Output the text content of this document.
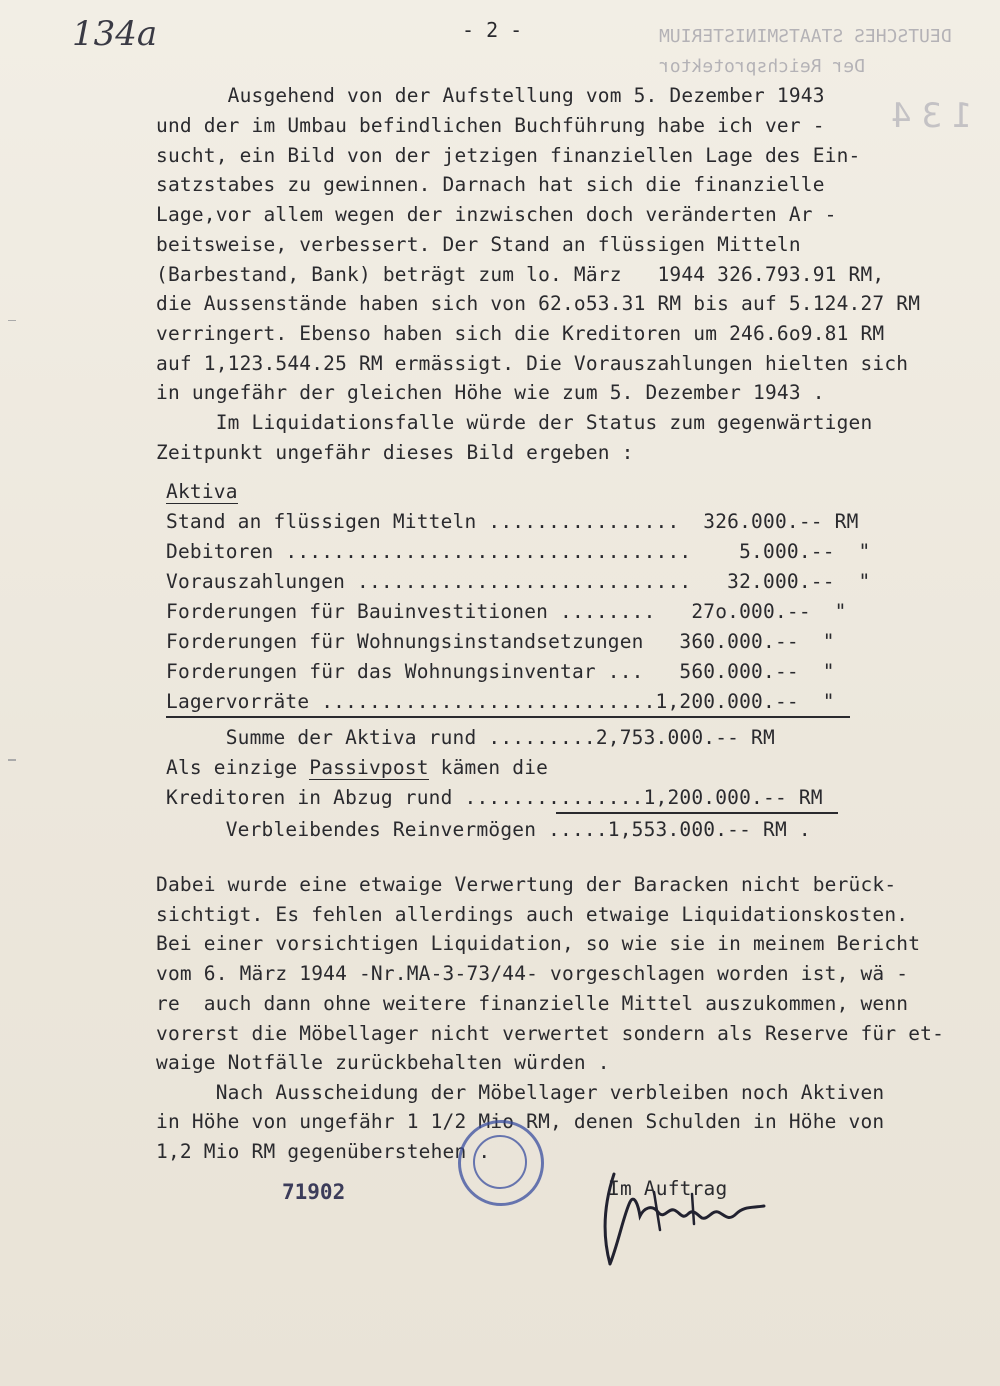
134a	- 2 -	DEUTSCHES STAATSMINISTERIUM
Der Reichsprotektor
134
Ausgehend von der Aufstellung vom 5. Dezember 1943
und der im Umbau befindlichen Buchführung habe ich ver -
sucht, ein Bild von der jetzigen finanziellen Lage des Ein-
satzstabes zu gewinnen. Darnach hat sich die finanzielle
Lage,vor allem wegen der inzwischen doch veränderten Ar -
beitsweise, verbessert. Der Stand an flüssigen Mitteln
(Barbestand, Bank) beträgt zum lo. März   1944 326.793.91 RM,
die Aussenstände haben sich von 62.o53.31 RM bis auf 5.124.27 RM
verringert. Ebenso haben sich die Kreditoren um 246.6o9.81 RM
auf 1,123.544.25 RM ermässigt. Die Vorauszahlungen hielten sich
in ungefähr der gleichen Höhe wie zum 5. Dezember 1943 .
Im Liquidationsfalle würde der Status zum gegenwärtigen
Zeitpunkt ungefähr dieses Bild ergeben :
Aktiva
Stand an flüssigen Mitteln ................  326.000.-- RM
Debitoren ..................................    5.000.--  "
Vorauszahlungen ............................   32.000.--  "
Forderungen für Bauinvestitionen ........   27o.000.--  "
Forderungen für Wohnungsinstandsetzungen   360.000.--  "
Forderungen für das Wohnungsinventar ...   560.000.--  "
Lagervorräte ............................1,200.000.--  "
Summe der Aktiva rund .........2,753.000.-- RM
Als einzige Passivpost kämen die
Kreditoren in Abzug rund ...............1,200.000.-- RM
Verbleibendes Reinvermögen .....1,553.000.-- RM .
Dabei wurde eine etwaige Verwertung der Baracken nicht berück-
sichtigt. Es fehlen allerdings auch etwaige Liquidationskosten.
Bei einer vorsichtigen Liquidation, so wie sie in meinem Bericht
vom 6. März 1944 -Nr.MA-3-73/44- vorgeschlagen worden ist, wä -
re  auch dann ohne weitere finanzielle Mittel auszukommen, wenn
vorerst die Möbellager nicht verwertet sondern als Reserve für et-
waige Notfälle zurückbehalten würden .
Nach Ausscheidung der Möbellager verbleiben noch Aktiven
in Höhe von ungefähr 1 1/2 Mio RM, denen Schulden in Höhe von
1,2 Mio RM gegenüberstehen .
71902	Im Auftrag
